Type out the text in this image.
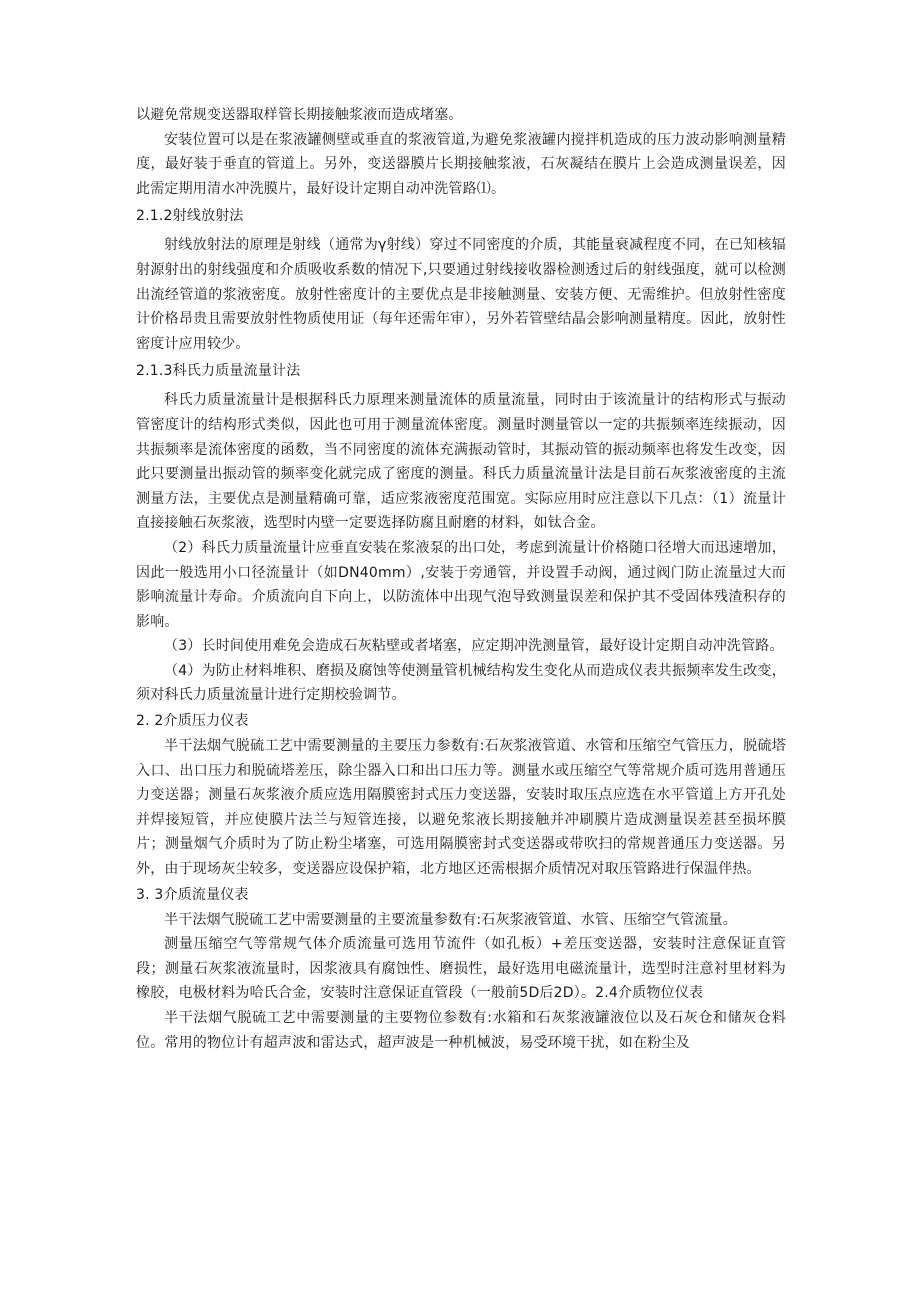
以避免常规变送器取样管长期接触浆液而造成堵塞。

安装位置可以是在浆液罐侧壁或垂直的浆液管道,为避免浆液罐内搅拌机造成的压力波动影响测量精度，最好装于垂直的管道上。另外，变送器膜片长期接触浆液，石灰凝结在膜片上会造成测量误差，因此需定期用清水冲洗膜片，最好设计定期自动冲洗管路⑴。

2.1.2射线放射法

射线放射法的原理是射线（通常为γ射线）穿过不同密度的介质，其能量衰减程度不同，在已知核辐射源射出的射线强度和介质吸收系数的情况下,只要通过射线接收器检测透过后的射线强度，就可以检测出流经管道的浆液密度。放射性密度计的主要优点是非接触测量、安装方便、无需维护。但放射性密度计价格昂贵且需要放射性物质使用证（每年还需年审），另外若管壁结晶会影响测量精度。因此，放射性密度计应用较少。

2.1.3科氏力质量流量计法

科氏力质量流量计是根据科氏力原理来测量流体的质量流量，同时由于该流量计的结构形式与振动管密度计的结构形式类似，因此也可用于测量流体密度。测量时测量管以一定的共振频率连续振动，因共振频率是流体密度的函数，当不同密度的流体充满振动管时，其振动管的振动频率也将发生改变，因此只要测量出振动管的频率变化就完成了密度的测量。科氏力质量流量计法是目前石灰浆液密度的主流测量方法，主要优点是测量精确可靠，适应浆液密度范围宽。实际应用时应注意以下几点：（1）流量计直接接触石灰浆液，选型时内壁一定要选择防腐且耐磨的材料，如钛合金。

（2）科氏力质量流量计应垂直安装在浆液泵的出口处，考虑到流量计价格随口径增大而迅速增加，因此一般选用小口径流量计（如DN40mm）,安装于旁通管，并设置手动阀，通过阀门防止流量过大而影响流量计寿命。介质流向自下向上，以防流体中出现气泡导致测量误差和保护其不受固体残渣积存的影响。

（3）长时间使用难免会造成石灰粘壁或者堵塞，应定期冲洗测量管，最好设计定期自动冲洗管路。

（4）为防止材料堆积、磨损及腐蚀等使测量管机械结构发生变化从而造成仪表共振频率发生改变，须对科氏力质量流量计进行定期校验调节。

2. 2介质压力仪表

半干法烟气脱硫工艺中需要测量的主要压力参数有:石灰浆液管道、水管和压缩空气管压力，脱硫塔入口、出口压力和脱硫塔差压，除尘器入口和出口压力等。测量水或压缩空气等常规介质可选用普通压力变送器；测量石灰浆液介质应选用隔膜密封式压力变送器，安装时取压点应选在水平管道上方开孔处并焊接短管，并应使膜片法兰与短管连接，以避免浆液长期接触并冲刷膜片造成测量误差甚至损坏膜片；测量烟气介质时为了防止粉尘堵塞，可选用隔膜密封式变送器或带吹扫的常规普通压力变送器。另外，由于现场灰尘较多，变送器应设保护箱，北方地区还需根据介质情况对取压管路进行保温伴热。

3. 3介质流量仪表

半干法烟气脱硫工艺中需要测量的主要流量参数有:石灰浆液管道、水管、压缩空气管流量。

测量压缩空气等常规气体介质流量可选用节流件（如孔板）+差压变送器，安装时注意保证直管段；测量石灰浆液流量时，因浆液具有腐蚀性、磨损性，最好选用电磁流量计，选型时注意衬里材料为橡胶，电极材料为哈氏合金，安装时注意保证直管段（一般前5D后2D）。2.4介质物位仪表

半干法烟气脱硫工艺中需要测量的主要物位参数有:水箱和石灰浆液罐液位以及石灰仓和储灰仓料位。常用的物位计有超声波和雷达式，超声波是一种机械波，易受环境干扰，如在粉尘及
